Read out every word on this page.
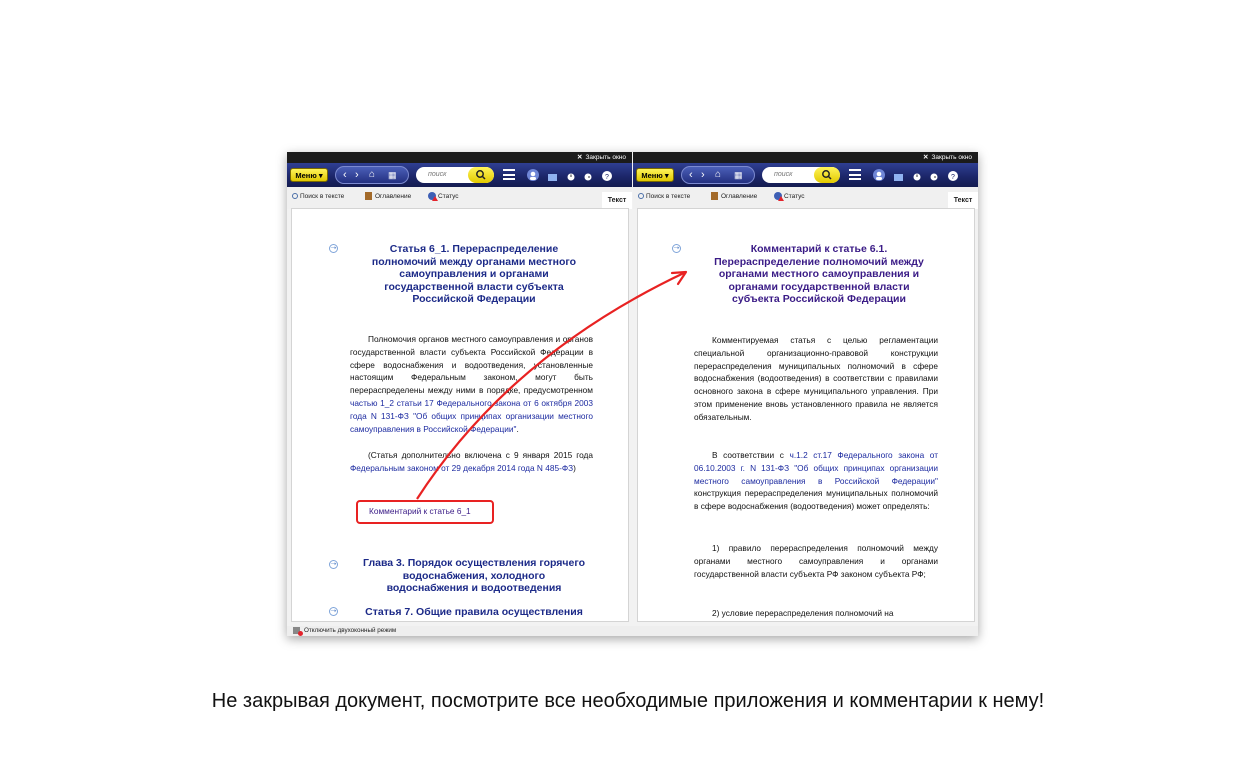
✕ Закрыть окно
Меню ▾	‹ › ⌂ ▦	поиск
	?
Поиск в тексте	Оглавление	Статус
Текст
➝	Статья 6_1. Перераспределение
полномочий между органами местного
самоуправления и органами
государственной власти субъекта
Российской Федерации
Полномочия органов местного самоуправления и органов государственной власти субъекта Российской Федерации в сфере водоснабжения и водоотведения, установленные настоящим Федеральным законом, могут быть перераспределены между ними в порядке, предусмотренном частью 1_2 статьи 17 Федерального закона от 6 октября 2003 года N 131-ФЗ "Об общих принципах организации местного самоуправления в Российской Федерации".
(Статья дополнительно включена с 9 января 2015 года Федеральным законом от 29 декабря 2014 года N 485-ФЗ)
Комментарий к статье 6_1
➝	Глава 3. Порядок осуществления горячего
водоснабжения, холодного
водоснабжения и водоотведения
➝	Статья 7. Общие правила осуществления
✕ Закрыть окно
Меню ▾	‹ › ⌂ ▦	поиск
	?
Поиск в тексте	Оглавление	Статус
Текст
➝	Комментарий к статье 6.1.
Перераспределение полномочий между
органами местного самоуправления и
органами государственной власти
субъекта Российской Федерации
Комментируемая статья с целью регламентации специальной организационно-правовой конструкции перераспределения муниципальных полномочий в сфере водоснабжения (водоотведения) в соответствии с правилами основного закона в сфере муниципального управления. При этом применение вновь установленного правила не является обязательным.
В соответствии с ч.1.2 ст.17 Федерального закона от 06.10.2003 г. N 131-ФЗ "Об общих принципах организации местного самоуправления в Российской Федерации" конструкция перераспределения муниципальных полномочий в сфере водоснабжения (водоотведения) может определять:
1) правило перераспределения полномочий между органами местного самоуправления и органами государственной власти субъекта РФ законом субъекта РФ;
2) условие перераспределения полномочий на
Отключить двухоконный режим
Не закрывая документ, посмотрите все необходимые приложения и комментарии к нему!
